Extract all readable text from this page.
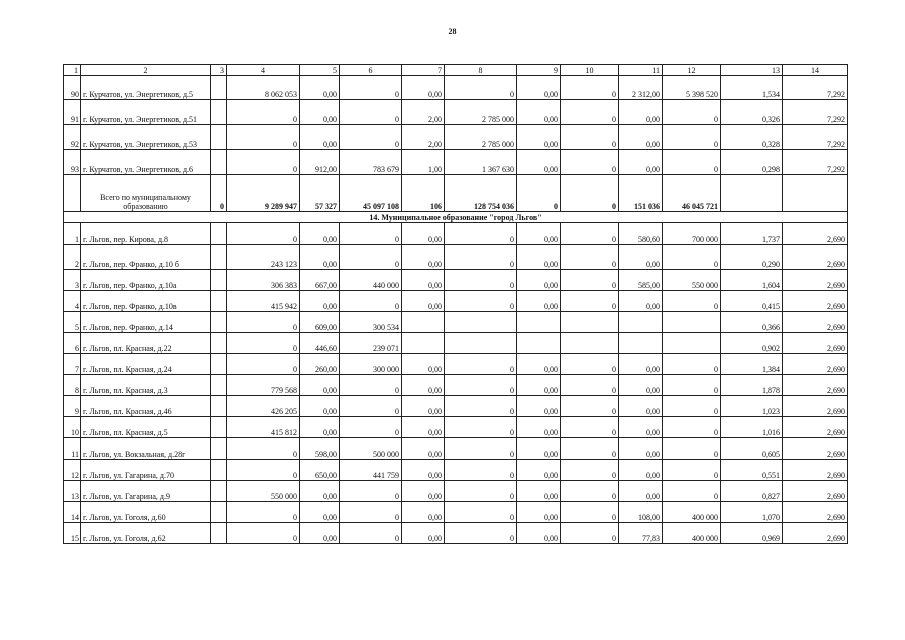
28
1	2	3	4	5	6	7	8	9	10	11	12	13	14
90	г. Курчатов, ул. Энергетиков, д.5		8 062 053	0,00	0	0,00	0	0,00	0	2 312,00	5 398 520	1,534	7,292
91	г. Курчатов, ул. Энергетиков, д.51		0	0,00	0	2,00	2 785 000	0,00	0	0,00	0	0,326	7,292
92	г. Курчатов, ул. Энергетиков, д.53		0	0,00	0	2,00	2 785 000	0,00	0	0,00	0	0,328	7,292
93	г. Курчатов, ул. Энергетиков, д.6		0	912,00	783 679	1,00	1 367 630	0,00	0	0,00	0	0,298	7,292
	Всего по муниципальному образованию	0	9 289 947	57 327	45 097 108	106	128 754 036	0	0	151 036	46 045 721		
14. Муниципальное образование "город Льгов"													
1	г. Льгов, пер. Кирова, д.8		0	0,00	0	0,00	0	0,00	0	580,60	700 000	1,737	2,690
2	г. Льгов, пер. Франко, д.10 б		243 123	0,00	0	0,00	0	0,00	0	0,00	0	0,290	2,690
3	г. Льгов, пер. Франко, д.10а		306 383	667,00	440 000	0,00	0	0,00	0	585,00	550 000	1,604	2,690
4	г. Льгов, пер. Франко, д.10в		415 942	0,00	0	0,00	0	0,00	0	0,00	0	0,415	2,690
5	г. Льгов, пер. Франко, д.14		0	609,00	300 534							0,366	2,690
6	г. Льгов, пл. Красная, д.22		0	446,60	239 071							0,902	2,690
7	г. Льгов, пл. Красная, д.24		0	260,00	300 000	0,00	0	0,00	0	0,00	0	1,384	2,690
8	г. Льгов, пл. Красная, д.3		779 568	0,00	0	0,00	0	0,00	0	0,00	0	1,878	2,690
9	г. Льгов, пл. Красная, д.46		426 205	0,00	0	0,00	0	0,00	0	0,00	0	1,023	2,690
10	г. Льгов, пл. Красная, д.5		415 812	0,00	0	0,00	0	0,00	0	0,00	0	1,016	2,690
11	г. Льгов, ул. Вокзальная, д.28г		0	598,00	500 000	0,00	0	0,00	0	0,00	0	0,605	2,690
12	г. Льгов, ул. Гагарина, д.70		0	650,00	441 759	0,00	0	0,00	0	0,00	0	0,551	2,690
13	г. Льгов, ул. Гагарина, д.9		550 000	0,00	0	0,00	0	0,00	0	0,00	0	0,827	2,690
14	г. Льгов, ул. Гоголя, д.60		0	0,00	0	0,00	0	0,00	0	108,00	400 000	1,070	2,690
15	г. Льгов, ул. Гоголя, д.62		0	0,00	0	0,00	0	0,00	0	77,83	400 000	0,969	2,690
